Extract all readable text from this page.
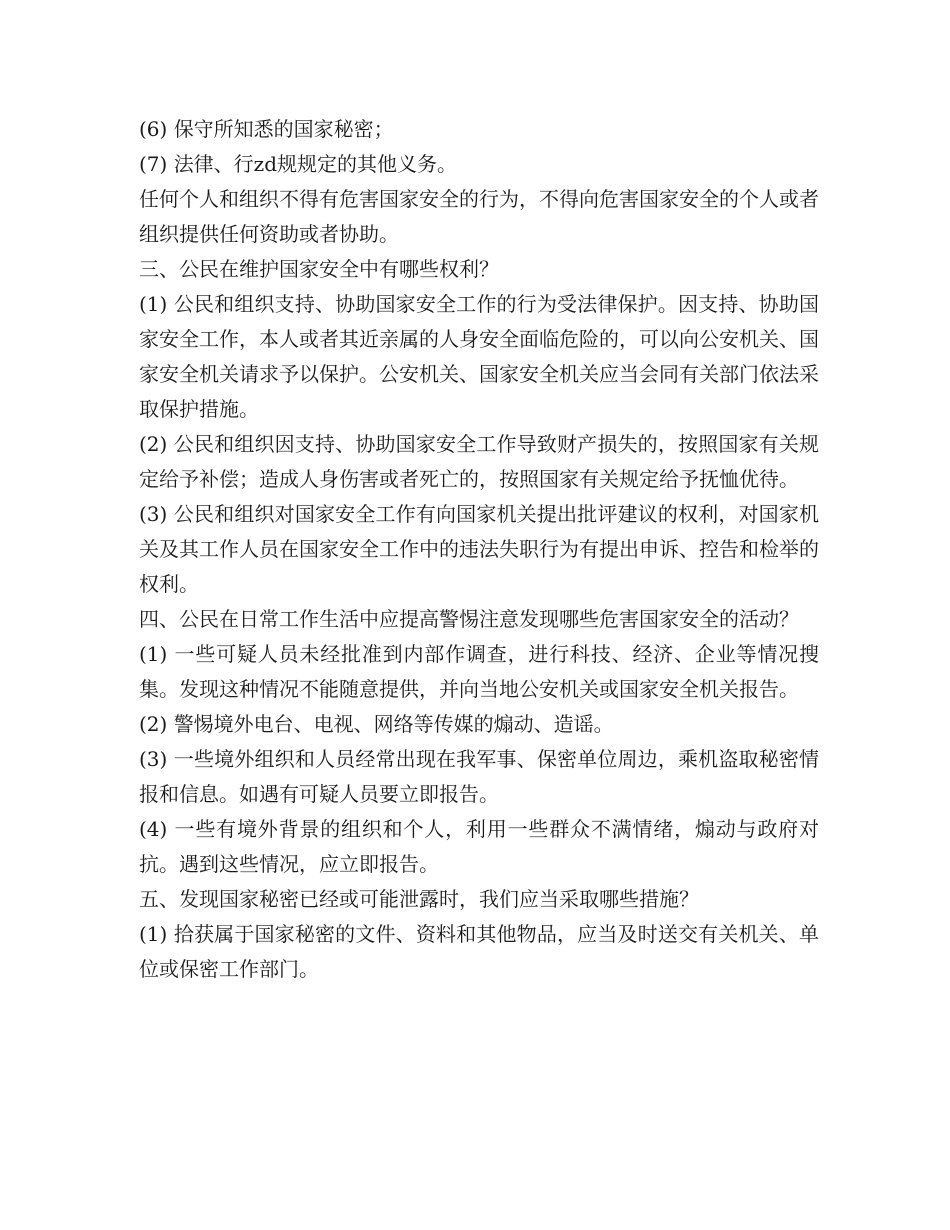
(6) 保守所知悉的国家秘密；

(7) 法律、行zd规规定的其他义务。

任何个人和组织不得有危害国家安全的行为，不得向危害国家安全的个人或者组织提供任何资助或者协助。

三、公民在维护国家安全中有哪些权利？

(1) 公民和组织支持、协助国家安全工作的行为受法律保护。因支持、协助国家安全工作，本人或者其近亲属的人身安全面临危险的，可以向公安机关、国家安全机关请求予以保护。公安机关、国家安全机关应当会同有关部门依法采取保护措施。

(2) 公民和组织因支持、协助国家安全工作导致财产损失的，按照国家有关规定给予补偿；造成人身伤害或者死亡的，按照国家有关规定给予抚恤优待。

(3) 公民和组织对国家安全工作有向国家机关提出批评建议的权利，对国家机关及其工作人员在国家安全工作中的违法失职行为有提出申诉、控告和检举的权利。

四、公民在日常工作生活中应提高警惕注意发现哪些危害国家安全的活动？

(1) 一些可疑人员未经批准到内部作调查，进行科技、经济、企业等情况搜集。发现这种情况不能随意提供，并向当地公安机关或国家安全机关报告。

(2) 警惕境外电台、电视、网络等传媒的煽动、造谣。

(3) 一些境外组织和人员经常出现在我军事、保密单位周边，乘机盗取秘密情报和信息。如遇有可疑人员要立即报告。

(4) 一些有境外背景的组织和个人，利用一些群众不满情绪，煽动与政府对抗。遇到这些情况，应立即报告。

五、发现国家秘密已经或可能泄露时，我们应当采取哪些措施？

(1) 拾获属于国家秘密的文件、资料和其他物品，应当及时送交有关机关、单位或保密工作部门。
